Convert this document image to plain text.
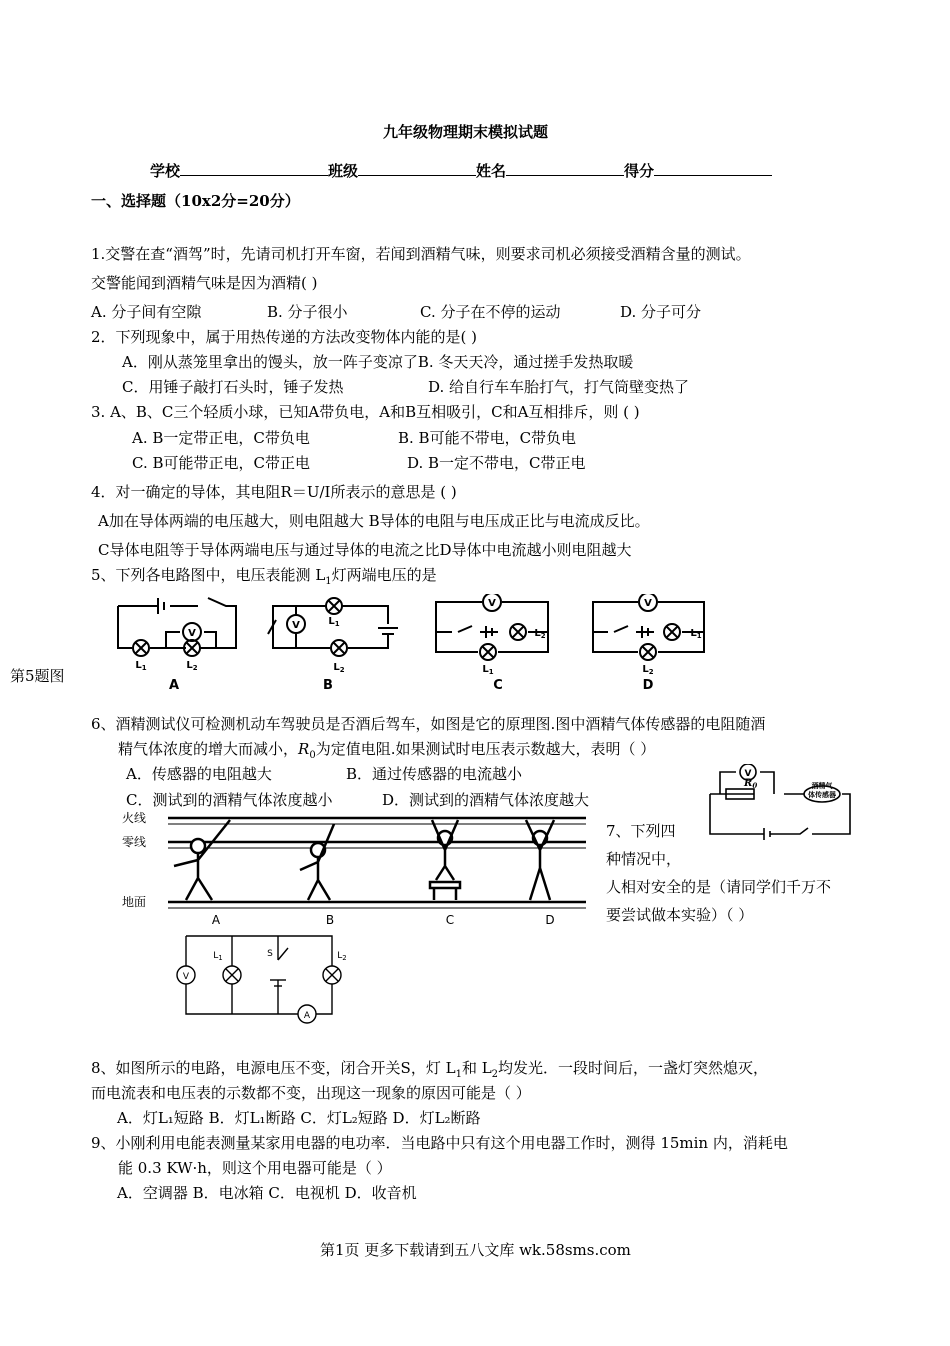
九年级物理期末模拟试题
学校	班级	姓名	得分
一、选择题（10x2分=20分）
1.交警在查“酒驾”时，先请司机打开车窗，若闻到酒精气味，则要求司机必须接受酒精含量的测试。
交警能闻到酒精气味是因为酒精( )
A. 分子间有空隙	B. 分子很小	C. 分子在不停的运动	D. 分子可分
2．下列现象中，属于用热传递的方法改变物体内能的是( )
A．刚从蒸笼里拿出的馒头，放一阵子变凉了B. 冬天天冷，通过搓手发热取暖
C．用锤子敲打石头时，锤子发热	D. 给自行车车胎打气，打气筒壁变热了
3. A、B、C三个轻质小球，已知A带负电，A和B互相吸引，C和A互相排斥，则 ( )
A. B一定带正电，C带负电	B. B可能不带电，C带负电
C. B可能带正电，C带正电	D. B一定不带电，C带正电
4．对一确定的导体，其电阻R＝U/I所表示的意思是 ( )
A加在导体两端的电压越大，则电阻越大 B导体的电阻与电压成正比与电流成反比。
C导体电阻等于导体两端电压与通过导体的电流之比D导体中电流越小则电阻越大
5、下列各电路图中，电压表能测 $L_1$灯两端电压的是
第5题图
V
V
V	V
$L_1$	$L_2$
$L_1$
$L_2$
$L_2$
$L_1$
$L_1$
$L_2$
A	B	C	D
6、酒精测试仪可检测机动车驾驶员是否酒后驾车，如图是它的原理图.图中酒精气体传感器的电阻随酒
精气体浓度的增大而减小，$R_0$为定值电阻.如果测试时电压表示数越大，表明（ ）
A．传感器的电阻越大	B．通过传感器的电流越小
C．测试到的酒精气体浓度越小	D．测试到的酒精气体浓度越大
V
$R_0$	酒精气
体传感器
7、下列四
种情况中，
人相对安全的是（请同学们千万不
要尝试做本实验）（ ）
火线
零线
地面
A	B	C	D
V
A
$L_1$	S	$L_2$
8、如图所示的电路，电源电压不变，闭合开关S，灯 $L_1$和 $L_2$均发光．一段时间后，一盏灯突然熄灭，
而电流表和电压表的示数都不变，出现这一现象的原因可能是（ ）
A．灯L₁短路 B．灯L₁断路 C．灯L₂短路 D．灯L₂断路
9、小刚利用电能表测量某家用电器的电功率．当电路中只有这个用电器工作时，测得 15min 内，消耗电
能 0.3 KW·h，则这个用电器可能是（ ）
A．空调器 B．电冰箱 C．电视机 D．收音机
第1页 更多下载请到五八文库 wk.58sms.com
